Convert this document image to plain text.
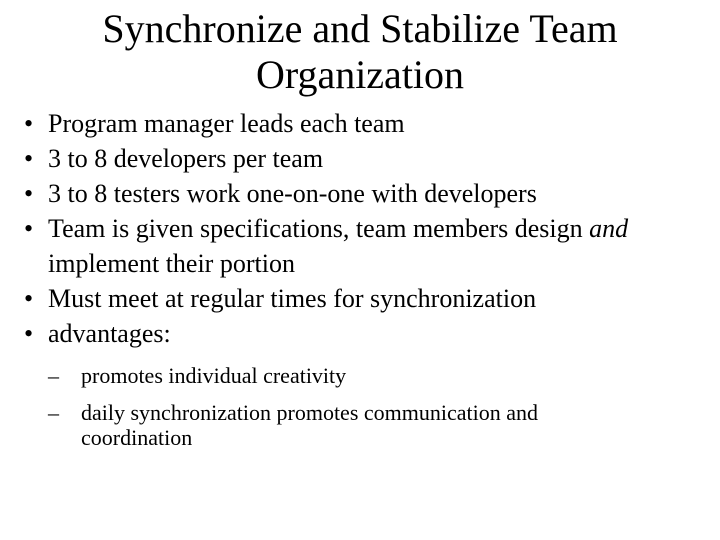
Synchronize and Stabilize Team
Organization
• Program manager leads each team
• 3 to 8 developers per team
• 3 to 8 testers work one-on-one with developers
• Team is given specifications, team members design and implement their portion
• Must meet at regular times for synchronization
• advantages:
– promotes individual creativity
– daily synchronization promotes communication and
coordination
